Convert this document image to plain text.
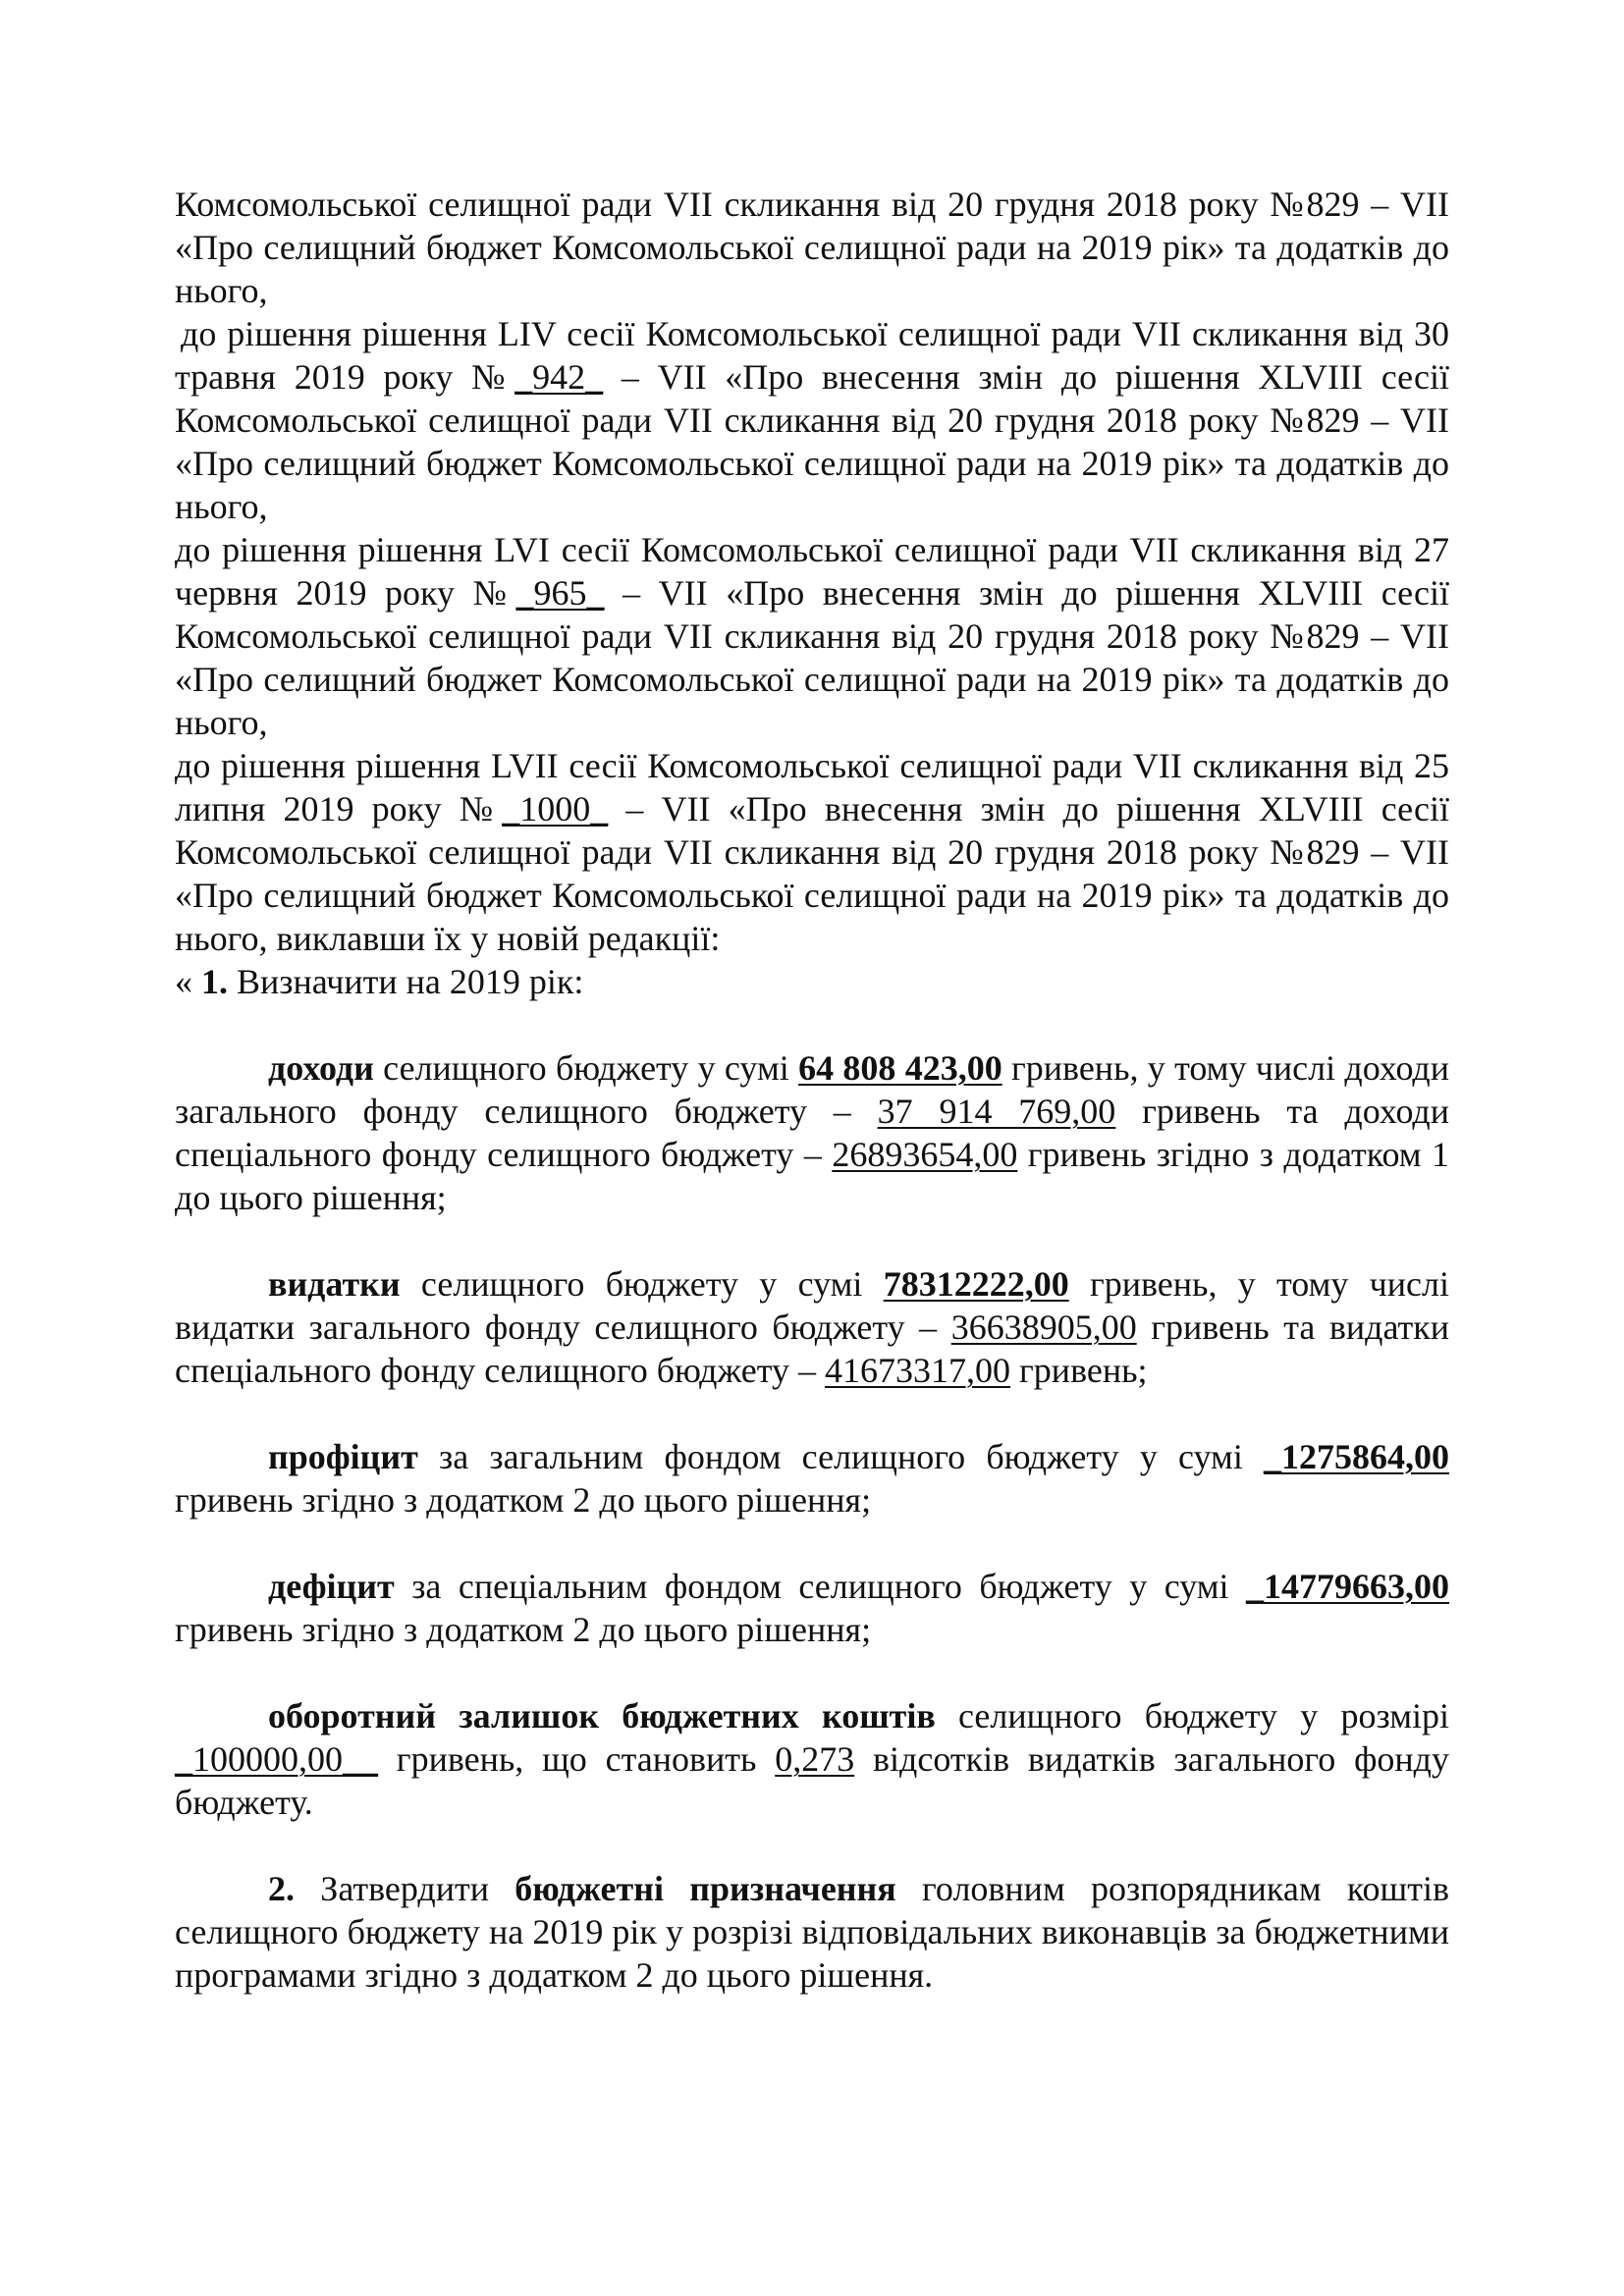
Комсомольської селищної ради VII скликання від 20 грудня 2018 року №829 – VII «Про селищний бюджет Комсомольської селищної ради на 2019 рік» та додатків до нього,

до рішення рішення LIV сесії Комсомольської селищної ради VII скликання від 30 травня 2019 року №_942_ – VII «Про внесення змін до рішення XLVIII сесії Комсомольської селищної ради VII скликання від 20 грудня 2018 року №829 – VII «Про селищний бюджет Комсомольської селищної ради на 2019 рік» та додатків до нього,

до рішення рішення LVI сесії Комсомольської селищної ради VII скликання від 27 червня 2019 року №_965_ – VII «Про внесення змін до рішення XLVIII сесії Комсомольської селищної ради VII скликання від 20 грудня 2018 року №829 – VII «Про селищний бюджет Комсомольської селищної ради на 2019 рік» та додатків до нього,

до рішення рішення LVII сесії Комсомольської селищної ради VII скликання від 25 липня 2019 року №_1000_ – VII «Про внесення змін до рішення XLVIII сесії Комсомольської селищної ради VII скликання від 20 грудня 2018 року №829 – VII «Про селищний бюджет Комсомольської селищної ради на 2019 рік» та додатків до нього, виклавши їх у новій редакції:

« 1. Визначити на 2019 рік:

доходи селищного бюджету у сумі 64 808 423,00 гривень, у тому числі доходи загального фонду селищного бюджету – 37 914 769,00 гривень та доходи спеціального фонду селищного бюджету – 26893654,00 гривень згідно з додатком 1 до цього рішення;

видатки селищного бюджету у сумі 78312222,00 гривень, у тому числі видатки загального фонду селищного бюджету – 36638905,00 гривень та видатки спеціального фонду селищного бюджету – 41673317,00 гривень;

профіцит за загальним фондом селищного бюджету у сумі _1275864,00 гривень згідно з додатком 2 до цього рішення;

дефіцит за спеціальним фондом селищного бюджету у сумі _14779663,00 гривень згідно з додатком 2 до цього рішення;

оборотний залишок бюджетних коштів селищного бюджету у розмірі _100000,00__ гривень, що становить 0,273 відсотків видатків загального фонду бюджету.

2. Затвердити бюджетні призначення головним розпорядникам коштів селищного бюджету на 2019 рік у розрізі відповідальних виконавців за бюджетними програмами згідно з додатком 2 до цього рішення.
